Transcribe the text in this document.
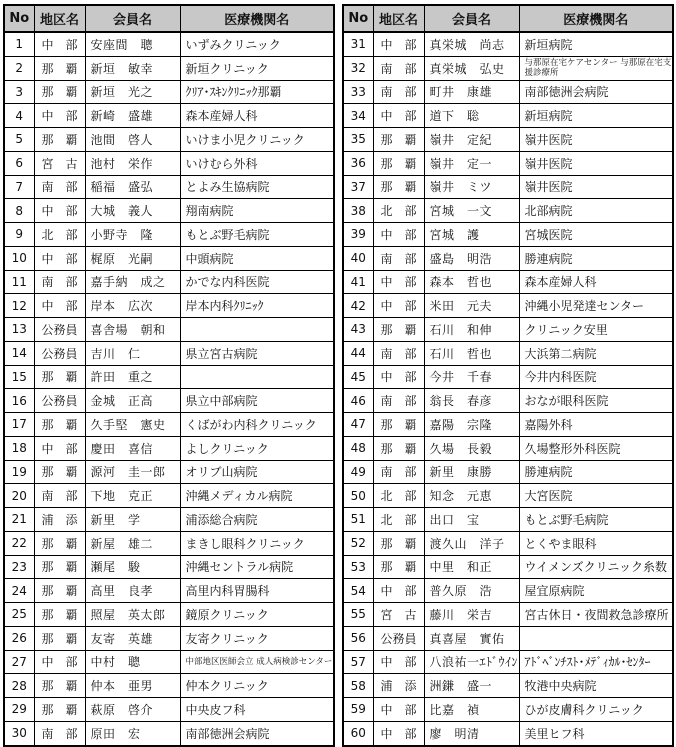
No	地区名	会員名	医療機関名
1	中　部	安座間　聰	いずみクリニック
2	那　覇	新垣　敏幸	新垣クリニック
3	那　覇	新垣　光之	ｸﾘｱ･ｽｷﾝｸﾘﾆｯｸ那覇
4	中　部	新崎　盛雄	森本産婦人科
5	那　覇	池間　啓人	いけま小児クリニック
6	宮　古	池村　栄作	いけむら外科
7	南　部	稲福　盛弘	とよみ生協病院
8	中　部	大城　義人	翔南病院
9	北　部	小野寺　隆	もとぶ野毛病院
10	中　部	梶原　光嗣	中頭病院
11	南　部	嘉手納　成之	かでな内科医院
12	中　部	岸本　広次	岸本内科ｸﾘﾆｯｸ
13	公務員	喜舎場　朝和	
14	公務員	吉川　仁	県立宮古病院
15	那　覇	許田　重之	
16	公務員	金城　正高	県立中部病院
17	那　覇	久手堅　憲史	くばがわ内科クリニック
18	中　部	慶田　喜信	よしクリニック
19	那　覇	源河　圭一郎	オリブ山病院
20	南　部	下地　克正	沖縄メディカル病院
21	浦　添	新里　学	浦添総合病院
22	那　覇	新屋　雄二	まきし眼科クリニック
23	那　覇	瀬尾　駿	沖縄セントラル病院
24	那　覇	高里　良孝	高里内科胃腸科
25	那　覇	照屋　英太郎	鏡原クリニック
26	那　覇	友寄　英雄	友寄クリニック
27	中　部	中村　聰	中部地区医師会立 成人病検診センター
28	那　覇	仲本　亜男	仲本クリニック
29	那　覇	萩原　啓介	中央皮フ科
30	南　部	原田　宏	南部徳洲会病院
No	地区名	会員名	医療機関名
31	中　部	真栄城　尚志	新垣病院
32	南　部	真栄城　弘史	与那原在宅ケアセンター 与那原在宅支援診療所
33	南　部	町井　康雄	南部徳洲会病院
34	中　部	道下　聡	新垣病院
35	那　覇	嶺井　定紀	嶺井医院
36	那　覇	嶺井　定一	嶺井医院
37	那　覇	嶺井　ミツ	嶺井医院
38	北　部	宮城　一文	北部病院
39	中　部	宮城　護	宮城医院
40	南　部	盛島　明浩	勝連病院
41	中　部	森本　哲也	森本産婦人科
42	中　部	米田　元夫	沖縄小児発達センター
43	那　覇	石川　和伸	クリニック安里
44	南　部	石川　哲也	大浜第二病院
45	中　部	今井　千春	今井内科医院
46	南　部	翁長　春彦	おなが眼科医院
47	那　覇	嘉陽　宗隆	嘉陽外科
48	那　覇	久場　長毅	久場整形外科医院
49	南　部	新里　康勝	勝連病院
50	北　部	知念　元恵	大宮医院
51	北　部	出口　宝	もとぶ野毛病院
52	那　覇	渡久山　洋子	とくやま眼科
53	那　覇	中里　和正	ウイメンズクリニック糸数
54	中　部	普久原　浩	屋宜原病院
55	宮　古	藤川　栄吉	宮古休日・夜間救急診療所
56	公務員	真喜屋　實佑	
57	中　部	八浪祐一ｴﾄﾞｳｲﾝ	ｱﾄﾞﾍﾞﾝﾁｽﾄ･ﾒﾃﾞｨｶﾙ･ｾﾝﾀｰ
58	浦　添	洲鎌　盛一	牧港中央病院
59	中　部	比嘉　禎	ひが皮膚科クリニック
60	中　部	廖　明清	美里ヒフ科
